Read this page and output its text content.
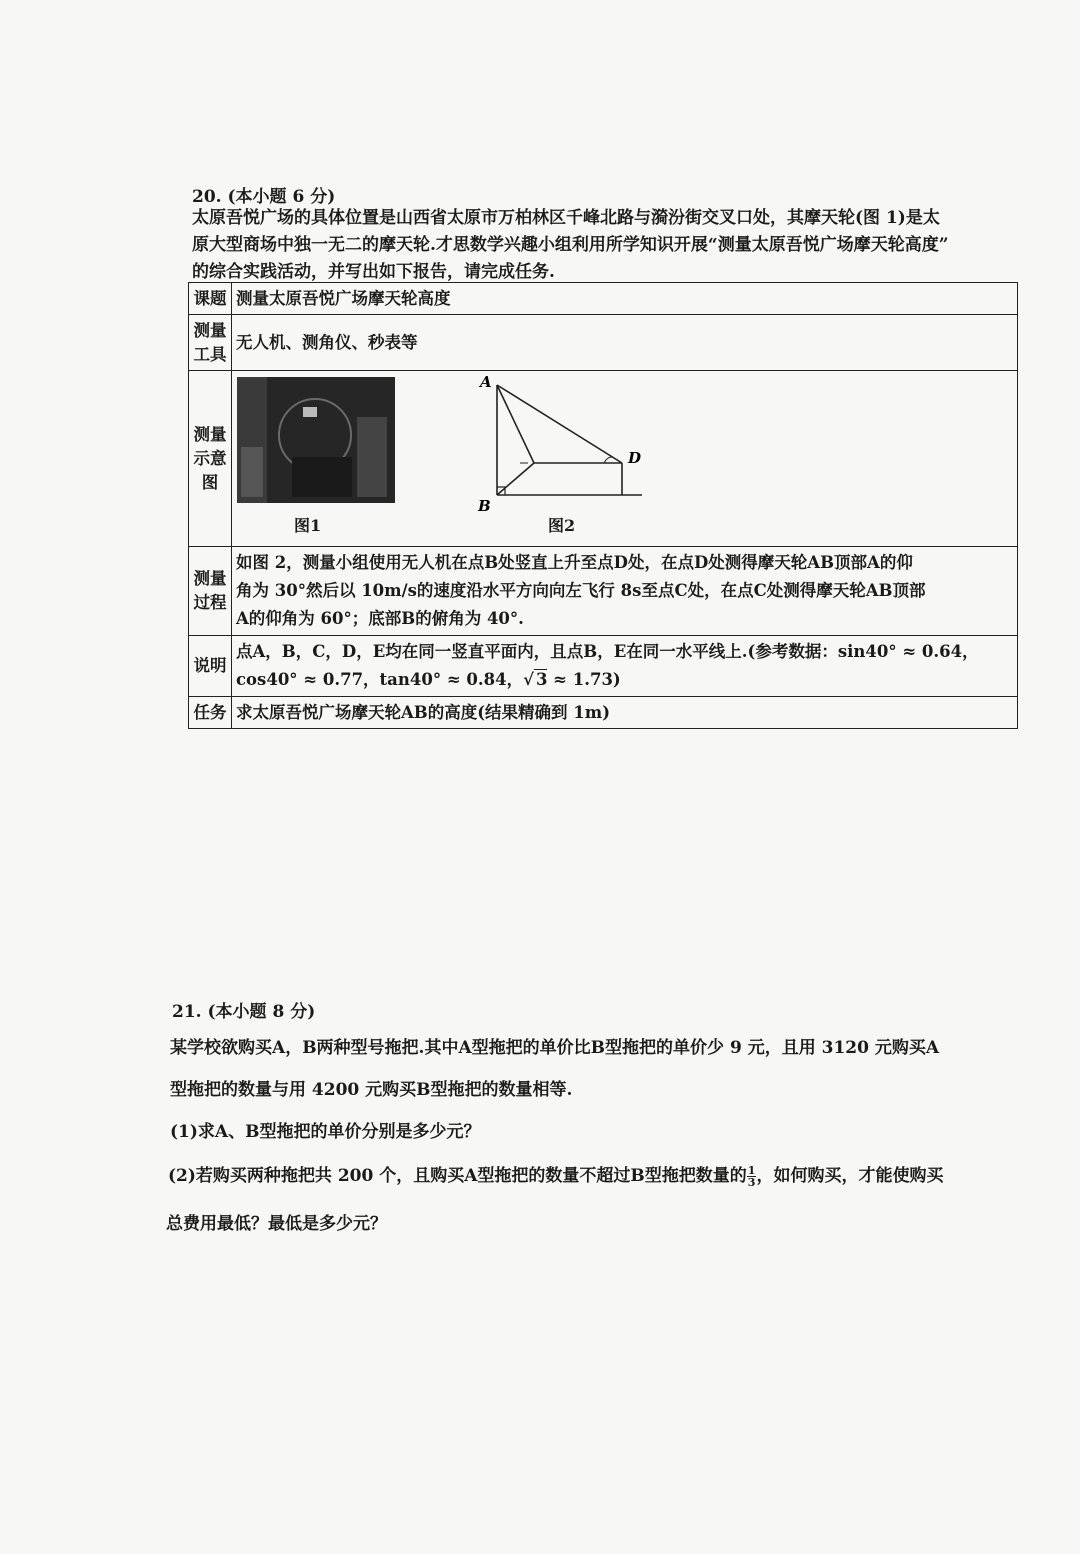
20. (本小题 6 分)
太原吾悦广场的具体位置是山西省太原市万柏林区千峰北路与漪汾街交叉口处，其摩天轮(图 1)是太
原大型商场中独一无二的摩天轮.才思数学兴趣小组利用所学知识开展“测量太原吾悦广场摩天轮高度”
的综合实践活动，并写出如下报告，请完成任务.
课题	测量太原吾悦广场摩天轮高度
测量工具	无人机、测角仪、秒表等
测量示意图	图1
A
B
D
图2

测量过程	如图 2，测量小组使用无人机在点B处竖直上升至点D处，在点D处测得摩天轮AB顶部A的仰
角为 30°然后以 10m/s的速度沿水平方向向左飞行 8s至点C处，在点C处测得摩天轮AB顶部
A的仰角为 60°；底部B的俯角为 40°.

说明	点A，B，C，D，E均在同一竖直平面内，且点B，E在同一水平线上.(参考数据：sin40° ≈ 0.64，
cos40° ≈ 0.77，tan40° ≈ 0.84，√ 3 ≈ 1.73)

任务	求太原吾悦广场摩天轮AB的高度(结果精确到 1m)
21. (本小题 8 分)
某学校欲购买A，B两种型号拖把.其中A型拖把的单价比B型拖把的单价少 9 元，且用 3120 元购买A
型拖把的数量与用 4200 元购买B型拖把的数量相等.
(1)求A、B型拖把的单价分别是多少元？
(2)若购买两种拖把共 200 个，且购买A型拖把的数量不超过B型拖把数量的 $\frac{1}{3}$ ，如何购买，才能使购买
总费用最低？最低是多少元？
